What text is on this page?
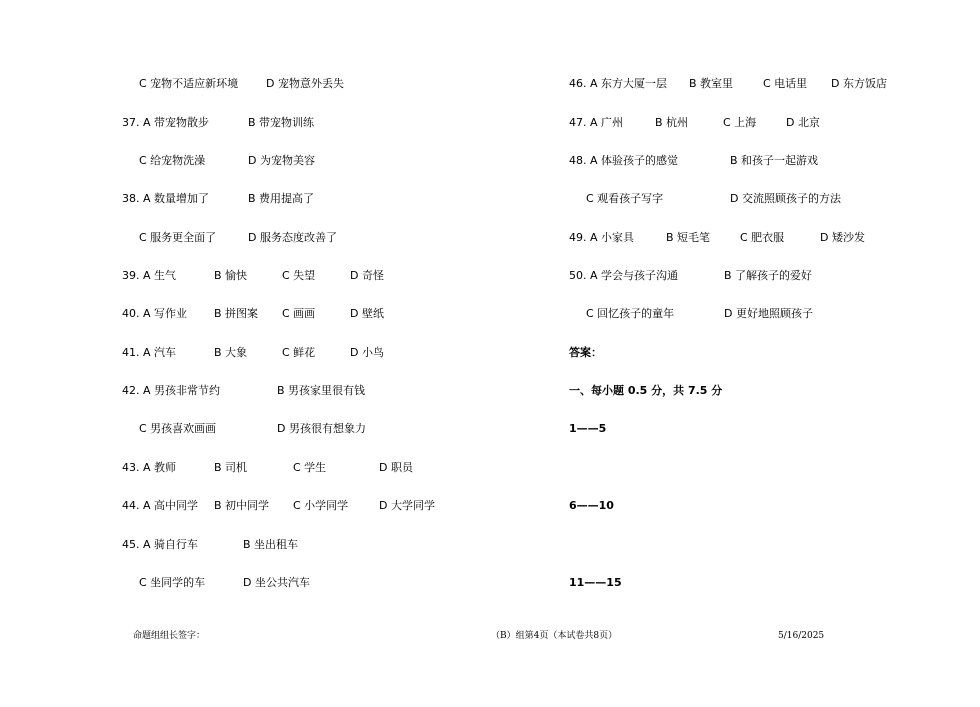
C 宠物不适应新环境	D 宠物意外丢失
37. A 带宠物散步	B 带宠物训练
C 给宠物洗澡	D 为宠物美容
38. A 数量增加了	B 费用提高了
C 服务更全面了	D 服务态度改善了
39. A 生气	B 愉快	C 失望	D 奇怪
40. A 写作业 B 拼图案 C 画画	D 壁纸
41. A 汽车	B 大象	C 鲜花	D 小鸟
42. A 男孩非常节约	B 男孩家里很有钱
C 男孩喜欢画画	D 男孩很有想象力
43. A 教师	B 司机	C 学生	D 职员
44. A 高中同学 B 初中同学 C 小学同学	D 大学同学
45. A 骑自行车	B 坐出租车
C 坐同学的车	D 坐公共汽车
46. A 东方大厦一层 B 教室里	C 电话里 D 东方饭店
47. A 广州	B 杭州	C 上海	D 北京
48. A 体验孩子的感觉	B 和孩子一起游戏
C 观看孩子写字	D 交流照顾孩子的方法
49. A 小家具	B 短毛笔	C 肥衣服	D 矮沙发
50. A 学会与孩子沟通	B 了解孩子的爱好
C 回忆孩子的童年	D 更好地照顾孩子
答案：
一、每小题 0.5 分，共 7.5 分
1——5
6——10
11——15
命题组组长签字：	（B）组第4页（本试卷共8页）	5/16/2025
